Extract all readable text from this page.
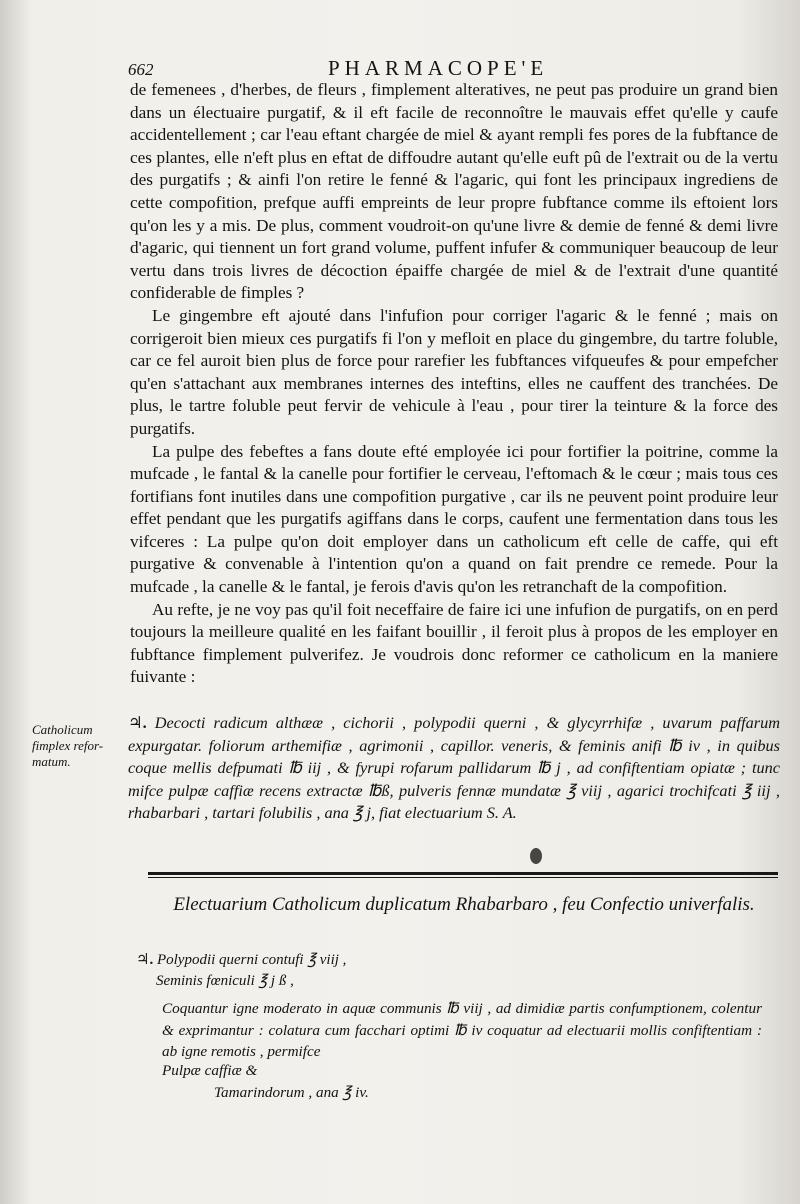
662	PHARMACOPE'E

de femenees , d'herbes, de fleurs , fimplement alteratives, ne peut pas produire un grand bien dans un électuaire purgatif, & il eft facile de reconnoître le mauvais effet qu'elle y caufe accidentellement ; car l'eau eftant chargée de miel & ayant rempli fes pores de la fubftance de ces plantes, elle n'eft plus en eftat de diffoudre autant qu'elle euft pû de l'extrait ou de la vertu des purgatifs ; & ainfi l'on retire le fenné & l'agaric, qui font les principaux ingrediens de cette compofition, prefque auffi empreints de leur propre fubftance comme ils eftoient lors qu'on les y a mis. De plus, comment voudroit-on qu'une livre & demie de fenné & demi livre d'agaric, qui tiennent un fort grand volume, puffent infufer & communiquer beaucoup de leur vertu dans trois livres de décoction épaiffe chargée de miel & de l'extrait d'une quantité confiderable de fimples ?

Le gingembre eft ajouté dans l'infufion pour corriger l'agaric & le fenné ; mais on corrigeroit bien mieux ces purgatifs fi l'on y mefloit en place du gingembre, du tartre foluble, car ce fel auroit bien plus de force pour rarefier les fubftances vifqueufes & pour empefcher qu'en s'attachant aux membranes internes des inteftins, elles ne cauffent des tranchées. De plus, le tartre foluble peut fervir de vehicule à l'eau , pour tirer la teinture & la force des purgatifs.

La pulpe des febeftes a fans doute efté employée ici pour fortifier la poitrine, comme la mufcade , le fantal & la canelle pour fortifier le cerveau, l'eftomach & le cœur ; mais tous ces fortifians font inutiles dans une compofition purgative , car ils ne peuvent point produire leur effet pendant que les purgatifs agiffans dans le corps, caufent une fermentation dans tous les vifceres : La pulpe qu'on doit employer dans un catholicum eft celle de caffe, qui eft purgative & convenable à l'intention qu'on a quand on fait prendre ce remede. Pour la mufcade , la canelle & le fantal, je ferois d'avis qu'on les retranchaft de la compofition.

Au refte, je ne voy pas qu'il foit neceffaire de faire ici une infufion de purgatifs, on en perd toujours la meilleure qualité en les faifant bouillir , il feroit plus à propos de les employer en fubftance fimplement pulverifez. Je voudrois donc reformer ce catholicum en la maniere fuivante :

Catholicum
fimplex refor-
matum.
♃. Decocti radicum althææ , cichorii , polypodii querni , & glycyrrhifæ , uvarum paffarum expurgatar. foliorum arthemifiæ , agrimonii , capillor. veneris, & feminis anifi ℔ iv , in quibus coque mellis defpumati ℔ iij , & fyrupi rofarum pallidarum ℔ j , ad confiftentiam opiatæ ; tunc mifce pulpæ caffiæ recens extractæ ℔ß, pulveris fennæ mundatæ ℥ viij , agarici trochifcati ℥ iij , rhabarbari , tartari folubilis , ana ℥ j, fiat electuarium S. A.
Electuarium Catholicum duplicatum Rhabarbaro , feu Confectio univerfalis.
♃. Polypodii querni contufi ℥ viij ,
Seminis fœniculi ℥ j ß ,
Coquantur igne moderato in aquæ communis ℔ viij , ad dimidiæ partis confumptionem, colentur & exprimantur : colatura cum facchari optimi ℔ iv coquatur ad electuarii mollis confiftentiam : ab igne remotis , permifce
Pulpæ caffiæ &
Tamarindorum , ana ℥ iv.
